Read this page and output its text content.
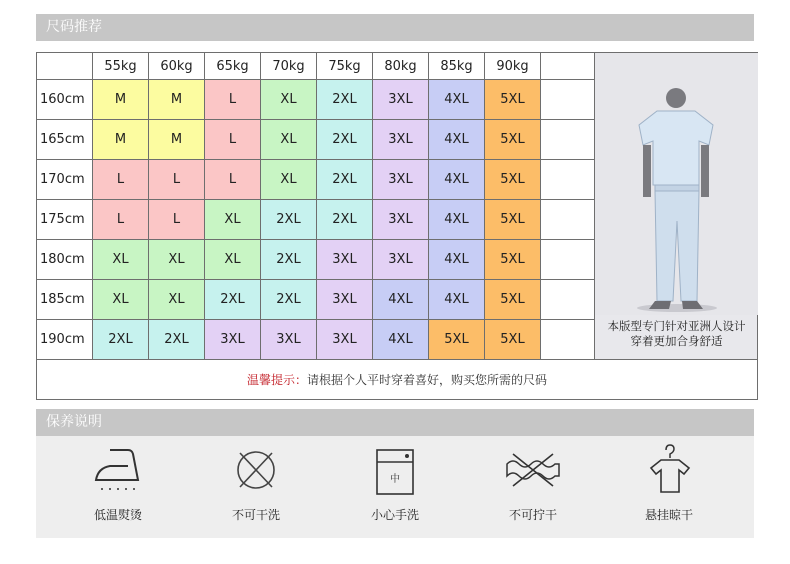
尺码推荐
	55kg	60kg	65kg	70kg	75kg	80kg	85kg	90kg		本版型专门针对亚洲人设计
穿着更加合身舒适

160cm	M	M	L	XL	2XL	3XL	4XL	5XL		
165cm	M	M	L	XL	2XL	3XL	4XL	5XL		
170cm	L	L	L	XL	2XL	3XL	4XL	5XL		
175cm	L	L	XL	2XL	2XL	3XL	4XL	5XL		
180cm	XL	XL	XL	2XL	3XL	3XL	4XL	5XL		
185cm	XL	XL	2XL	2XL	3XL	4XL	4XL	5XL		
190cm	2XL	2XL	3XL	3XL	3XL	4XL	5XL	5XL		
温馨提示：请根据个人平时穿着喜好，购买您所需的尺码										
保养说明
低温熨烫	不可干洗
中
小心手洗	不可拧干	悬挂晾干
